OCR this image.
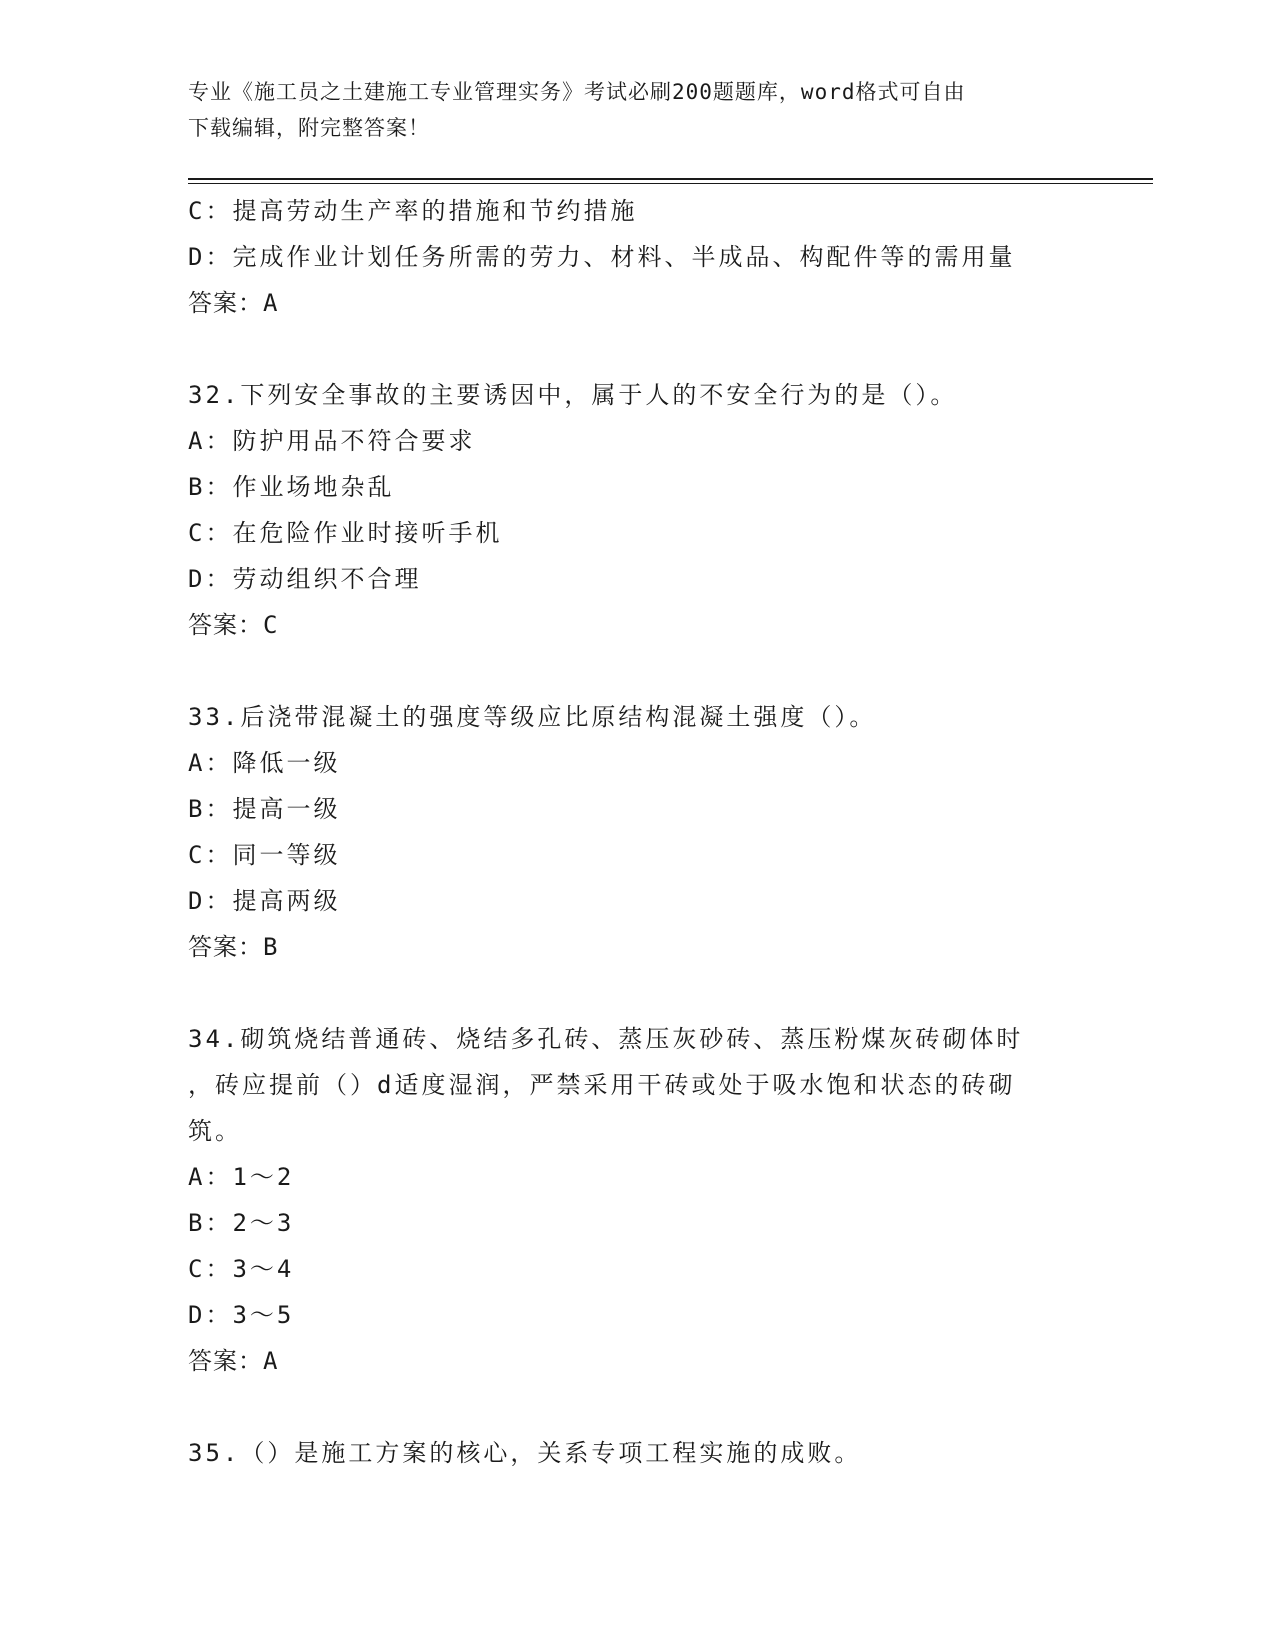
专业《施工员之土建施工专业管理实务》考试必刷200题题库，word格式可自由
下载编辑，附完整答案！
C：提高劳动生产率的措施和节约措施
D：完成作业计划任务所需的劳力、材料、半成品、构配件等的需用量
答案：A
32.下列安全事故的主要诱因中，属于人的不安全行为的是（）。
A：防护用品不符合要求
B：作业场地杂乱
C：在危险作业时接听手机
D：劳动组织不合理
答案：C
33.后浇带混凝土的强度等级应比原结构混凝土强度（）。
A：降低一级
B：提高一级
C：同一等级
D：提高两级
答案：B
34.砌筑烧结普通砖、烧结多孔砖、蒸压灰砂砖、蒸压粉煤灰砖砌体时
，砖应提前（）d适度湿润，严禁采用干砖或处于吸水饱和状态的砖砌
筑。
A：1～2
B：2～3
C：3～4
D：3～5
答案：A
35.（）是施工方案的核心，关系专项工程实施的成败。
